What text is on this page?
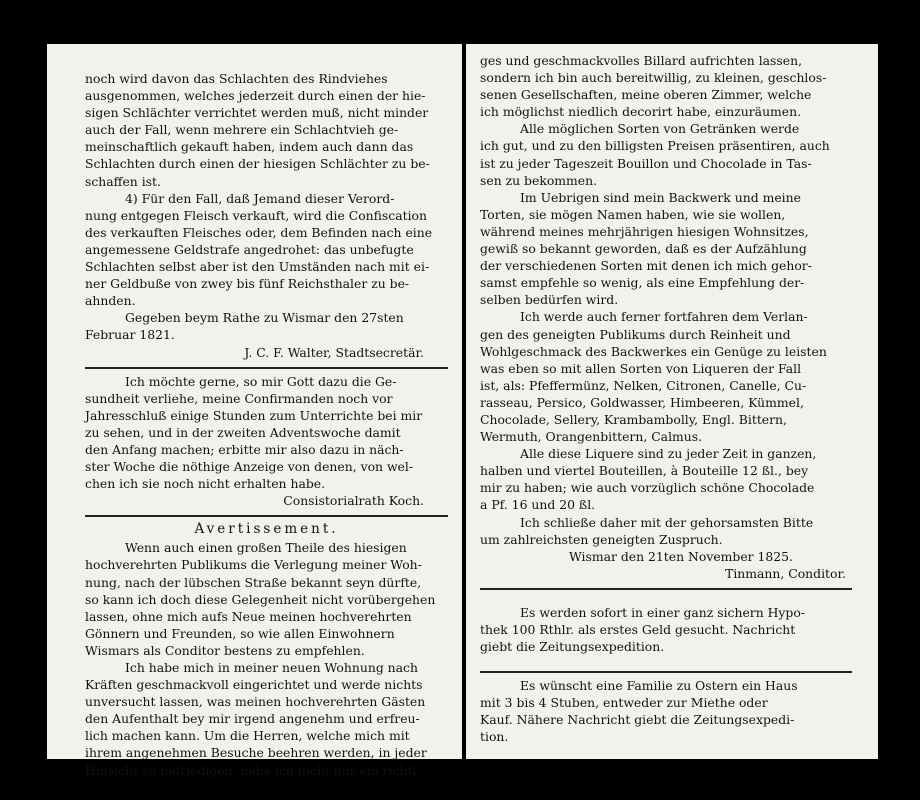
noch wird davon das Schlachten des Rindviehes

ausgenommen, welches jederzeit durch einen der hie-

sigen Schlächter verrichtet werden muß, nicht minder

auch der Fall, wenn mehrere ein Schlachtvieh ge-

meinschaftlich gekauft haben, indem auch dann das

Schlachten durch einen der hiesigen Schlächter zu be-

schaffen ist.

4) Für den Fall, daß Jemand dieser Verord-

nung entgegen Fleisch verkauft, wird die Confiscation

des verkauften Fleisches oder, dem Befinden nach eine

angemessene Geldstrafe angedrohet: das unbefugte

Schlachten selbst aber ist den Umständen nach mit ei-

ner Geldbuße von zwey bis fünf Reichsthaler zu be-

ahnden.

Gegeben beym Rathe zu Wismar den 27sten

Februar 1821.

J. C. F. Walter, Stadtsecretär.

Ich möchte gerne, so mir Gott dazu die Ge-

sundheit verliehe, meine Confirmanden noch vor

Jahresschluß einige Stunden zum Unterrichte bei mir

zu sehen, und in der zweiten Adventswoche damit

den Anfang machen; erbitte mir also dazu in näch-

ster Woche die nöthige Anzeige von denen, von wel-

chen ich sie noch nicht erhalten habe.

Consistorialrath Koch.

Avertissement.

Wenn auch einen großen Theile des hiesigen

hochverehrten Publikums die Verlegung meiner Woh-

nung, nach der lübschen Straße bekannt seyn dürfte,

so kann ich doch diese Gelegenheit nicht vorübergehen

lassen, ohne mich aufs Neue meinen hochverehrten

Gönnern und Freunden, so wie allen Einwohnern

Wismars als Conditor bestens zu empfehlen.

Ich habe mich in meiner neuen Wohnung nach

Kräften geschmackvoll eingerichtet und werde nichts

unversucht lassen, was meinen hochverehrten Gästen

den Aufenthalt bey mir irgend angenehm und erfreu-

lich machen kann. Um die Herren, welche mich mit

ihrem angenehmen Besuche beehren werden, in jeder

Hinsicht zu befriedigen, habe ich nicht nur ein richti-

ges und geschmackvolles Billard aufrichten lassen,

sondern ich bin auch bereitwillig, zu kleinen, geschlos-

senen Gesellschaften, meine oberen Zimmer, welche

ich möglichst niedlich decorirt habe, einzuräumen.

Alle möglichen Sorten von Getränken werde

ich gut, und zu den billigsten Preisen präsentiren, auch

ist zu jeder Tageszeit Bouillon und Chocolade in Tas-

sen zu bekommen.

Im Uebrigen sind mein Backwerk und meine

Torten, sie mögen Namen haben, wie sie wollen,

während meines mehrjährigen hiesigen Wohnsitzes,

gewiß so bekannt geworden, daß es der Aufzählung

der verschiedenen Sorten mit denen ich mich gehor-

samst empfehle so wenig, als eine Empfehlung der-

selben bedürfen wird.

Ich werde auch ferner fortfahren dem Verlan-

gen des geneigten Publikums durch Reinheit und

Wohlgeschmack des Backwerkes ein Genüge zu leisten

was eben so mit allen Sorten von Liqueren der Fall

ist, als: Pfeffermünz, Nelken, Citronen, Canelle, Cu-

rasseau, Persico, Goldwasser, Himbeeren, Kümmel,

Chocolade, Sellery, Krambambolly, Engl. Bittern,

Wermuth, Orangenbittern, Calmus.

Alle diese Liquere sind zu jeder Zeit in ganzen,

halben und viertel Bouteillen, à Bouteille 12 ßl., bey

mir zu haben; wie auch vorzüglich schöne Chocolade

a Pf. 16 und 20 ßl.

Ich schließe daher mit der gehorsamsten Bitte

um zahlreichsten geneigten Zuspruch.

Wismar den 21ten November 1825.

Tinmann, Conditor.

Es werden sofort in einer ganz sichern Hypo-

thek 100 Rthlr. als erstes Geld gesucht. Nachricht

giebt die Zeitungsexpedition.

Es wünscht eine Familie zu Ostern ein Haus

mit 3 bis 4 Stuben, entweder zur Miethe oder

Kauf. Nähere Nachricht giebt die Zeitungsexpedi-

tion.
